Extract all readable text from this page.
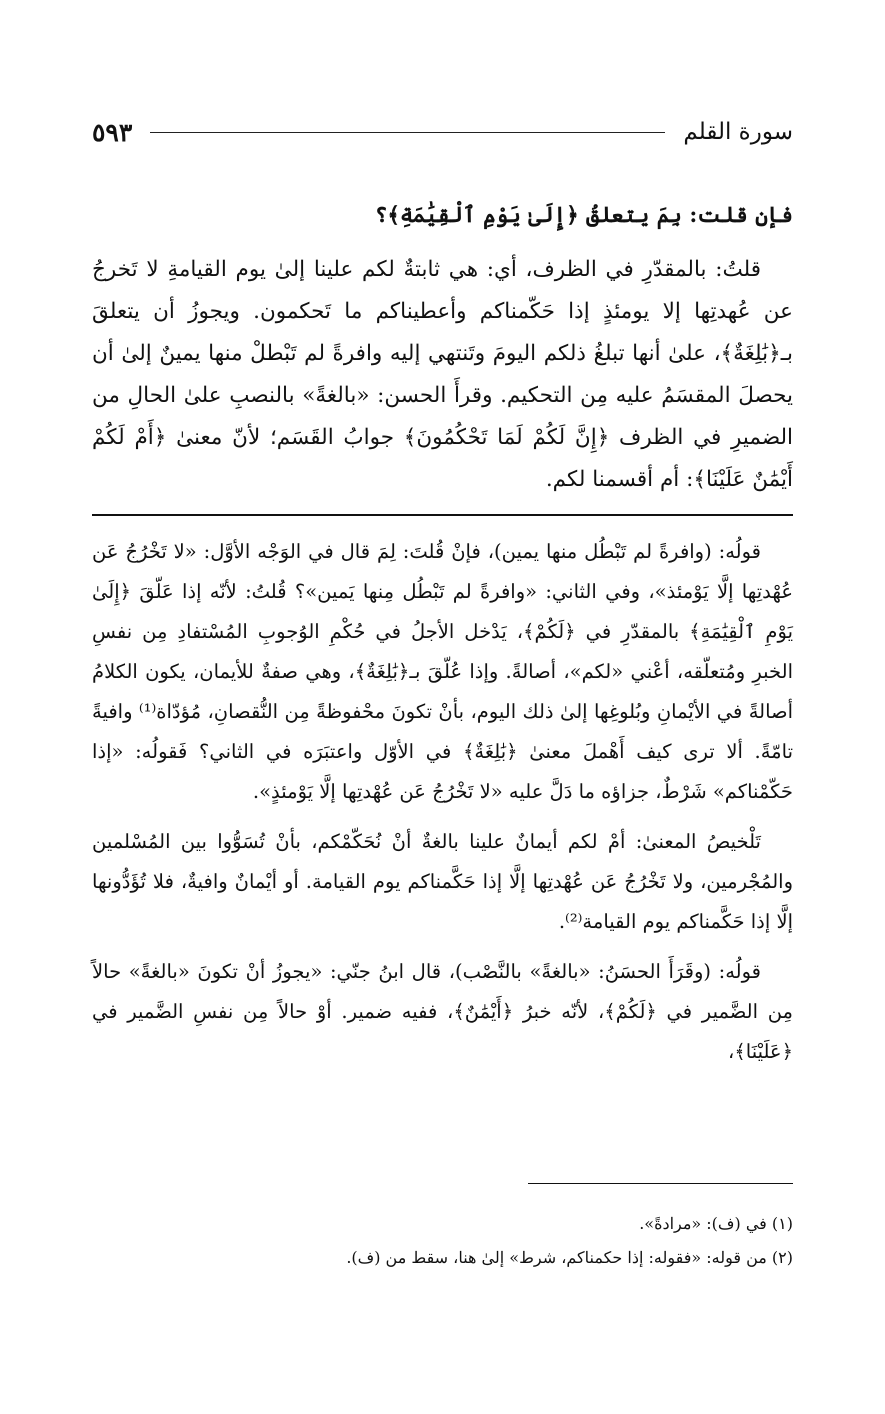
سورة القلم
٥٩٣

فإن قلت: بِمَ يتعلقُ ﴿إِلَىٰ يَوْمِ ٱلْقِيَٰمَةِ﴾؟

قلتُ: بالمقدّرِ في الظرف، أي: هي ثابتةٌ لكم علينا إلىٰ يوم القيامةِ لا تَخرجُ عن عُهدتِها إلا يومئذٍ إذا حَكّمناكم وأعطيناكم ما تَحكمون. ويجوزُ أن يتعلقَ بـ﴿بَٰلِغَةٌ﴾، علىٰ أنها تبلغُ ذلكم اليومَ وتَنتهي إليه وافرةً لم تَبْطلْ منها يمينٌ إلىٰ أن يحصلَ المقسَمُ عليه مِن التحكيم. وقرأَ الحسن: «بالغةً» بالنصبِ علىٰ الحالِ من الضميرِ في الظرف ﴿إِنَّ لَكُمْ لَمَا تَحْكُمُونَ﴾ جوابُ القَسَم؛ لأنّ معنىٰ ﴿أَمْ لَكُمْ أَيْمَٰنٌ عَلَيْنَا﴾: أم أقسمنا لكم.

قولُه: (وافرةً لم تَبْطُل منها يمين)، فإنْ قُلتَ: لِمَ قال في الوَجْه الأوَّل: «لا تَخْرُجُ عَن عُهْدتِها إلَّا يَوْمئذ»، وفي الثاني: «وافرةً لم تَبْطُل مِنها يَمين»؟ قُلتُ: لأنّه إذا عَلّقَ ﴿إِلَىٰ يَوْمِ ٱلْقِيَٰمَةِ﴾ بالمقدّرِ في ﴿لَكُمْ﴾، يَدْخل الأجلُ في حُكْمِ الوُجوبِ المُسْتفادِ مِن نفسِ الخبرِ ومُتعلّقه، أعْني «لكم»، أصالةً. وإذا عُلّقَ بـ﴿بَٰلِغَةٌ﴾، وهي صفةٌ للأيمان، يكون الكلامُ أصالةً في الأيْمانِ وبُلوغِها إلىٰ ذلك اليوم، بأنْ تكونَ محْفوظةً مِن النُّقصانِ، مُؤدّاة⁽¹⁾ وافيةً تامّةً. ألا ترى كيف أَهْملَ معنىٰ ﴿بَٰلِغَةٌ﴾ في الأوّل واعتبَرَه في الثاني؟ فَقولُه: «إذا حَكّمْناكم» شَرْطٌ، جزاؤه ما دَلَّ عليه «لا تَخْرُجُ عَن عُهْدتِها إلَّا يَوْمئذٍ».

تَلْخيصُ المعنىٰ: أمْ لكم أيمانٌ علينا بالغةٌ أنْ نُحَكّمْكم، بأنْ تُسَوُّوا بين المُسْلمين والمُجْرمين، ولا تَخْرُجُ عَن عُهْدتِها إلَّا إذا حَكَّمناكم يوم القيامة. أو أيْمانٌ وافيةٌ، فلا تُؤَدُّونها إلَّا إذا حَكَّمناكم يوم القيامة⁽²⁾.

قولُه: (وقَرَأَ الحسَنُ: «بالغةً» بالنَّصْب)، قال ابنُ جنّي: «يجوزُ أنْ تكونَ «بالغةً» حالاً مِن الضَّمير في ﴿لَكُمْ﴾، لأنّه خبرُ ﴿أَيْمَٰنٌ﴾، ففيه ضمير. أوْ حالاً مِن نفسِ الضَّمير في ﴿عَلَيْنَا﴾،

(١) في (ف): «مرادةً».

(٢) من قوله: «فقوله: إذا حكمناكم، شرط» إلىٰ هنا، سقط من (ف).
